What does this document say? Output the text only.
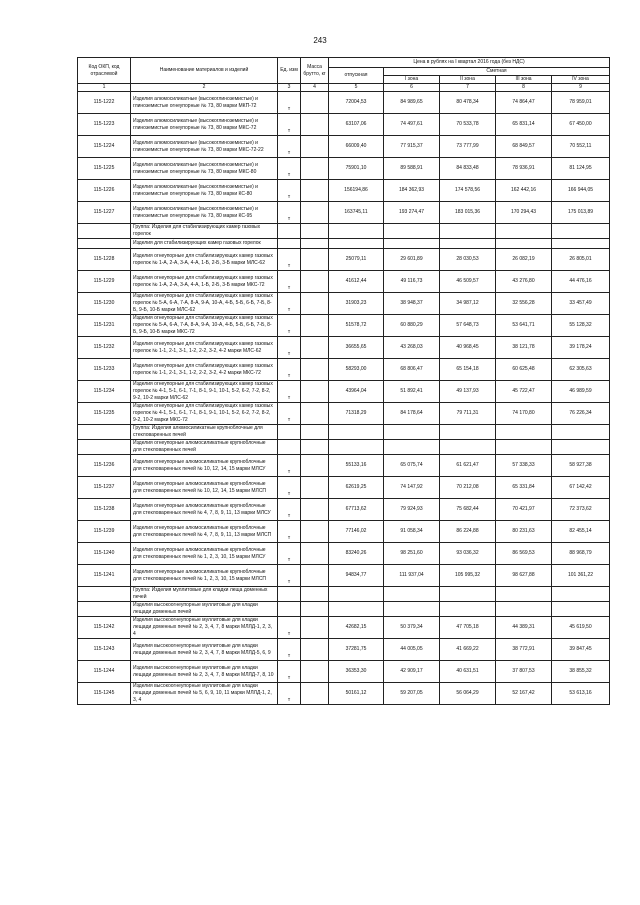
243
Код ОКП, код отраслевой	Наименование материалов и изделий	Ед. изм	Масса брутто, кг	Цена в рублях на I квартал 2016 года (без НДС)				
				отпускная	Сметная			
					I зона	II зона	III зона	IV зона
1	2	3	4	5	6	7	8	9
115-1222	Изделия алюмосиликатные (высокоглиноземистые) и глиноземистые огнеупорные № 73, 80 марки МКП-72	т		72004,53	84 989,65	80 478,34	74 864,47	78 959,01
115-1223	Изделия алюмосиликатные (высокоглиноземистые) и глиноземистые огнеупорные № 73, 80 марки МКС-72	т		63107,06	74 497,61	70 533,78	65 831,14	67 450,00
115-1224	Изделия алюмосиликатные (высокоглиноземистые) и глиноземистые огнеупорные № 73, 80 марки МКС-72-22	т		66009,40	77 915,37	73 777,99	68 849,57	70 552,11
115-1225	Изделия алюмосиликатные (высокоглиноземистые) и глиноземистые огнеупорные № 73, 80 марки МКС-80	т		75901,10	89 588,91	84 833,48	78 936,91	81 124,95
115-1226	Изделия алюмосиликатные (высокоглиноземистые) и глиноземистые огнеупорные № 73, 80 марки КС-80	т		156194,86	184 362,93	174 578,56	162 442,16	166 944,05
115-1227	Изделия алюмосиликатные (высокоглиноземистые) и глиноземистые огнеупорные № 73, 80 марки КС-95	т		163745,11	193 274,47	183 015,36	170 294,43	175 013,89
	Группа: Изделия для стабилизирующих камер газовых горелок							
	Изделия для стабилизирующих камер газовых горелок							
115-1228	Изделия огнеупорные для стабилизирующих камер газовых горелок № 1-А, 2-А, 3-А, 4-А, 1-Б, 2-Б, 3-Б марки МЛС-62	т		25079,11	29 601,89	28 030,53	26 082,19	26 805,01
115-1229	Изделия огнеупорные для стабилизирующих камер газовых горелок № 1-А, 2-А, 3-А, 4-А, 1-Б, 2-Б, 3-Б марки МКС-72	т		41612,44	49 116,73	46 509,57	43 276,80	44 476,16
115-1230	Изделия огнеупорные для стабилизирующих камер газовых горелок № 5-А, 6-А, 7-А, 8-А, 9-А, 10-А, 4-Б, 5-Б, 6-Б, 7-Б, 8-Б, 9-Б, 10-Б марки МЛС-62	т		31903,23	38 948,37	34 987,12	32 556,28	33 457,49
115-1231	Изделия огнеупорные для стабилизирующих камер газовых горелок № 5-А, 6-А, 7-А, 8-А, 9-А, 10-А, 4-Б, 5-Б, 6-Б, 7-Б, 8-Б, 9-Б, 10-Б марки МКС-72	т		51578,72	60 880,29	57 648,73	53 641,71	55 128,32
115-1232	Изделия огнеупорные для стабилизирующих камер газовых горелок № 1-1, 2-1, 3-1, 1-2, 2-2, 3-2, 4-2 марки МЛС-62	т		36655,65	43 268,03	40 968,45	38 121,78	39 178,24
115-1233	Изделия огнеупорные для стабилизирующих камер газовых горелок № 1-1, 2-1, 3-1, 1-2, 2-2, 3-2, 4-2 марки МКС-72	т		58293,00	68 806,47	65 154,18	60 625,48	62 305,63
115-1234	Изделия огнеупорные для стабилизирующих камер газовых горелок № 4-1, 5-1, 6-1, 7-1, 8-1, 9-1, 10-1, 5-2, 6-2, 7-2, 8-2, 9-2, 10-2 марки МЛС-62	т		43964,04	51 892,41	49 137,93	45 722,47	46 989,59
115-1235	Изделия огнеупорные для стабилизирующих камер газовых горелок № 4-1, 5-1, 6-1, 7-1, 8-1, 9-1, 10-1, 5-2, 6-2, 7-2, 8-2, 9-2, 10-2 марки МКС-72	т		71318,29	84 178,64	79 711,31	74 170,80	76 226,34
	Группа: Изделия алюмосиликатные крупноблочные для стекловаренных печей							
	Изделия огнеупорные алюмосиликатные крупноблочные для стекловаренных печей							
115-1236	Изделия огнеупорные алюмосиликатные крупноблочные для стекловаренных печей № 10, 12, 14, 15 марки МЛСУ	т		55133,16	65 075,74	61 621,47	57 338,33	58 927,38
115-1237	Изделия огнеупорные алюмосиликатные крупноблочные для стекловаренных печей № 10, 12, 14, 15 марки МЛСП	т		62619,25	74 147,92	70 212,08	65 331,84	67 142,42
115-1238	Изделия огнеупорные алюмосиликатные крупноблочные для стекловаренных печей № 4, 7, 8, 9, 11, 13 марки МЛСУ	т		67713,62	79 924,93	75 682,44	70 421,97	72 373,62
115-1239	Изделия огнеупорные алюмосиликатные крупноблочные для стекловаренных печей № 4, 7, 8, 9, 11, 13 марки МЛСП	т		77146,02	91 058,34	86 224,88	80 231,63	82 455,14
115-1240	Изделия огнеупорные алюмосиликатные крупноблочные для стекловаренных печей № 1, 2, 3, 10, 15 марки МЛСУ	т		83240,26	98 251,60	93 036,32	86 569,53	88 968,79
115-1241	Изделия огнеупорные алюмосиликатные крупноблочные для стекловаренных печей № 1, 2, 3, 10, 15 марки МЛСП	т		94834,77	111 937,04	105 995,32	98 627,88	101 361,22
	Группа: Изделия муллитовые для кладки леща доменных печей							
	Изделия высокоогнеупорные муллитовые для кладки лещади доменных печей							
115-1242	Изделия высокоогнеупорные муллитовые для кладки лещади доменных печей № 2, 3, 4, 7, 8 марки МЛЛД-1, 2, 3, 4	т		42682,15	50 379,34	47 705,18	44 389,31	45 619,50
115-1243	Изделия высокоогнеупорные муллитовые для кладки лещади доменных печей № 2, 3, 4, 7, 8 марки МЛЛД-5, 6, 9	т		37281,75	44 005,05	41 669,22	38 772,91	39 847,45
115-1244	Изделия высокоогнеупорные муллитовые для кладки лещади доменных печей № 2, 3, 4, 7, 8 марки МЛЛД-7, 8, 10	т		36353,30	42 909,17	40 631,51	37 807,53	38 855,32
115-1245	Изделия высокоогнеупорные муллитовые для кладки лещади доменных печей № 5, 6, 9, 10, 11 марки МЛЛД-1, 2, 3, 4	т		50161,12	59 207,05	56 064,29	52 167,42	53 613,16
